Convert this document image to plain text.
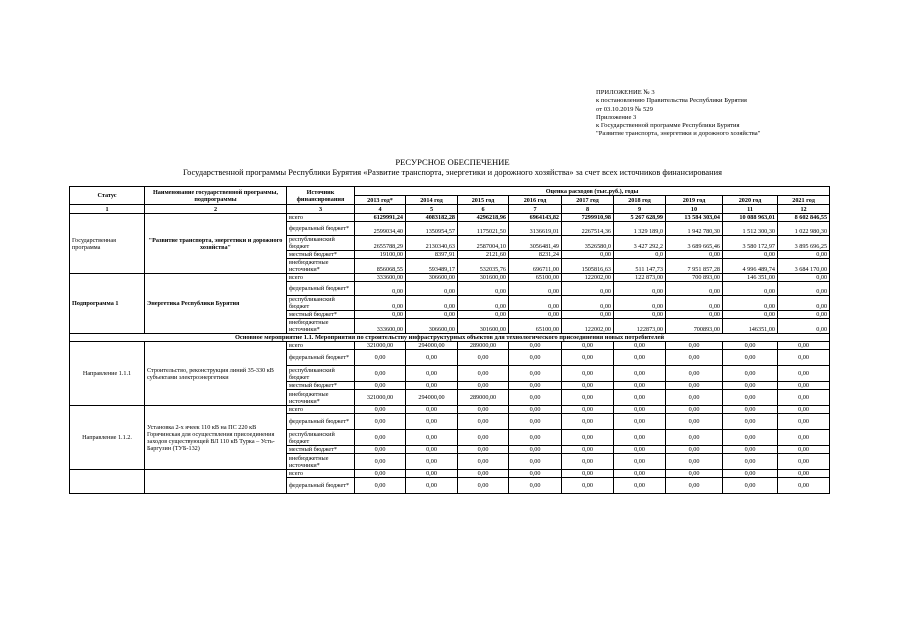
ПРИЛОЖЕНИЕ № 3
к постановлению Правительства Республики Бурятия
от 03.10.2019 № 529
Приложение 3
к Государственной программе Республики Бурятия
"Развитие транспорта, энергетики и дорожного хозяйства"
РЕСУРСНОЕ ОБЕСПЕЧЕНИЕ
Государственной программы Республики Бурятия «Развитие транспорта, энергетики и дорожного хозяйства» за счет всех источников финансирования
Статус	Наименование государственной программы, подпрограммы	Источник финансирования	Оценка расходов (тыс.руб.), годы								
			2013 год*	2014 год	2015 год	2016 год	2017 год	2018 год	2019 год	2020 год	2021 год
1	2	3	4	5	6	7	8	9	10	11	12
Государственная программа	"Развитие транспорта, энергетики и дорожного хозяйства"	всего	6129991,24	4083182,28	4296218,96	6964143,82	7299910,98	5 267 628,99	13 584 303,04	10 088 963,01	8 602 846,55
		федеральный бюджет*	2599034,40	1350954,57	1175021,50	3136619,01	2267514,36	1 329 189,0	1 942 780,30	1 512 300,30	1 022 980,30
		республиканский бюджет	2655788,29	2130340,63	2587004,10	3056481,49	3526580,0	3 427 292,2	3 689 665,46	3 580 172,97	3 895 696,25
		местный бюджет*	19100,00	8397,91	2121,60	8231,24	0,00	0,0	0,00	0,00	0,00
		внебюджетные источники*	856068,55	593489,17	532035,76	696711,00	1505816,63	511 147,73	7 951 857,28	4 996 489,74	3 684 170,00
Подпрограмма 1	Энергетика Республики Бурятия	всего	333600,00	306600,00	301600,00	65100,00	122002,00	122 873,00	700 893,00	146 351,00	0,00
		федеральный бюджет*	0,00	0,00	0,00	0,00	0,00	0,00	0,00	0,00	0,00
		республиканский бюджет	0,00	0,00	0,00	0,00	0,00	0,00	0,00	0,00	0,00
		местный бюджет*	0,00	0,00	0,00	0,00	0,00	0,00	0,00	0,00	0,00
		внебюджетные источники*	333600,00	306600,00	301600,00	65100,00	122002,00	122873,00	700893,00	146351,00	0,00
Основное мероприятие 1.1. Мероприятия по строительству инфраструктурных объектов для технологического присоединения новых потребителей											
Направление 1.1.1	Строительство, реконструкция линий 35-330 кВ субъектами электроэнергетики	всего	321000,00	294000,00	289000,00	0,00	0,00	0,00	0,00	0,00	0,00
		федеральный бюджет*	0,00	0,00	0,00	0,00	0,00	0,00	0,00	0,00	0,00
		республиканский бюджет	0,00	0,00	0,00	0,00	0,00	0,00	0,00	0,00	0,00
		местный бюджет*	0,00	0,00	0,00	0,00	0,00	0,00	0,00	0,00	0,00
		внебюджетные источники*	321000,00	294000,00	289000,00	0,00	0,00	0,00	0,00	0,00	0,00
Направление 1.1.2.	Установка 2-х ячеек 110 кВ на ПС 220 кВ Горячинская для осуществления присоединения заходов существующей ВЛ 110 кВ Турка – Усть-Баргузин (ТУБ-132)	всего	0,00	0,00	0,00	0,00	0,00	0,00	0,00	0,00	0,00
		федеральный бюджет*	0,00	0,00	0,00	0,00	0,00	0,00	0,00	0,00	0,00
		республиканский бюджет	0,00	0,00	0,00	0,00	0,00	0,00	0,00	0,00	0,00
		местный бюджет*	0,00	0,00	0,00	0,00	0,00	0,00	0,00	0,00	0,00
		внебюджетные источники*	0,00	0,00	0,00	0,00	0,00	0,00	0,00	0,00	0,00
		всего	0,00	0,00	0,00	0,00	0,00	0,00	0,00	0,00	0,00
		федеральный бюджет*	0,00	0,00	0,00	0,00	0,00	0,00	0,00	0,00	0,00
